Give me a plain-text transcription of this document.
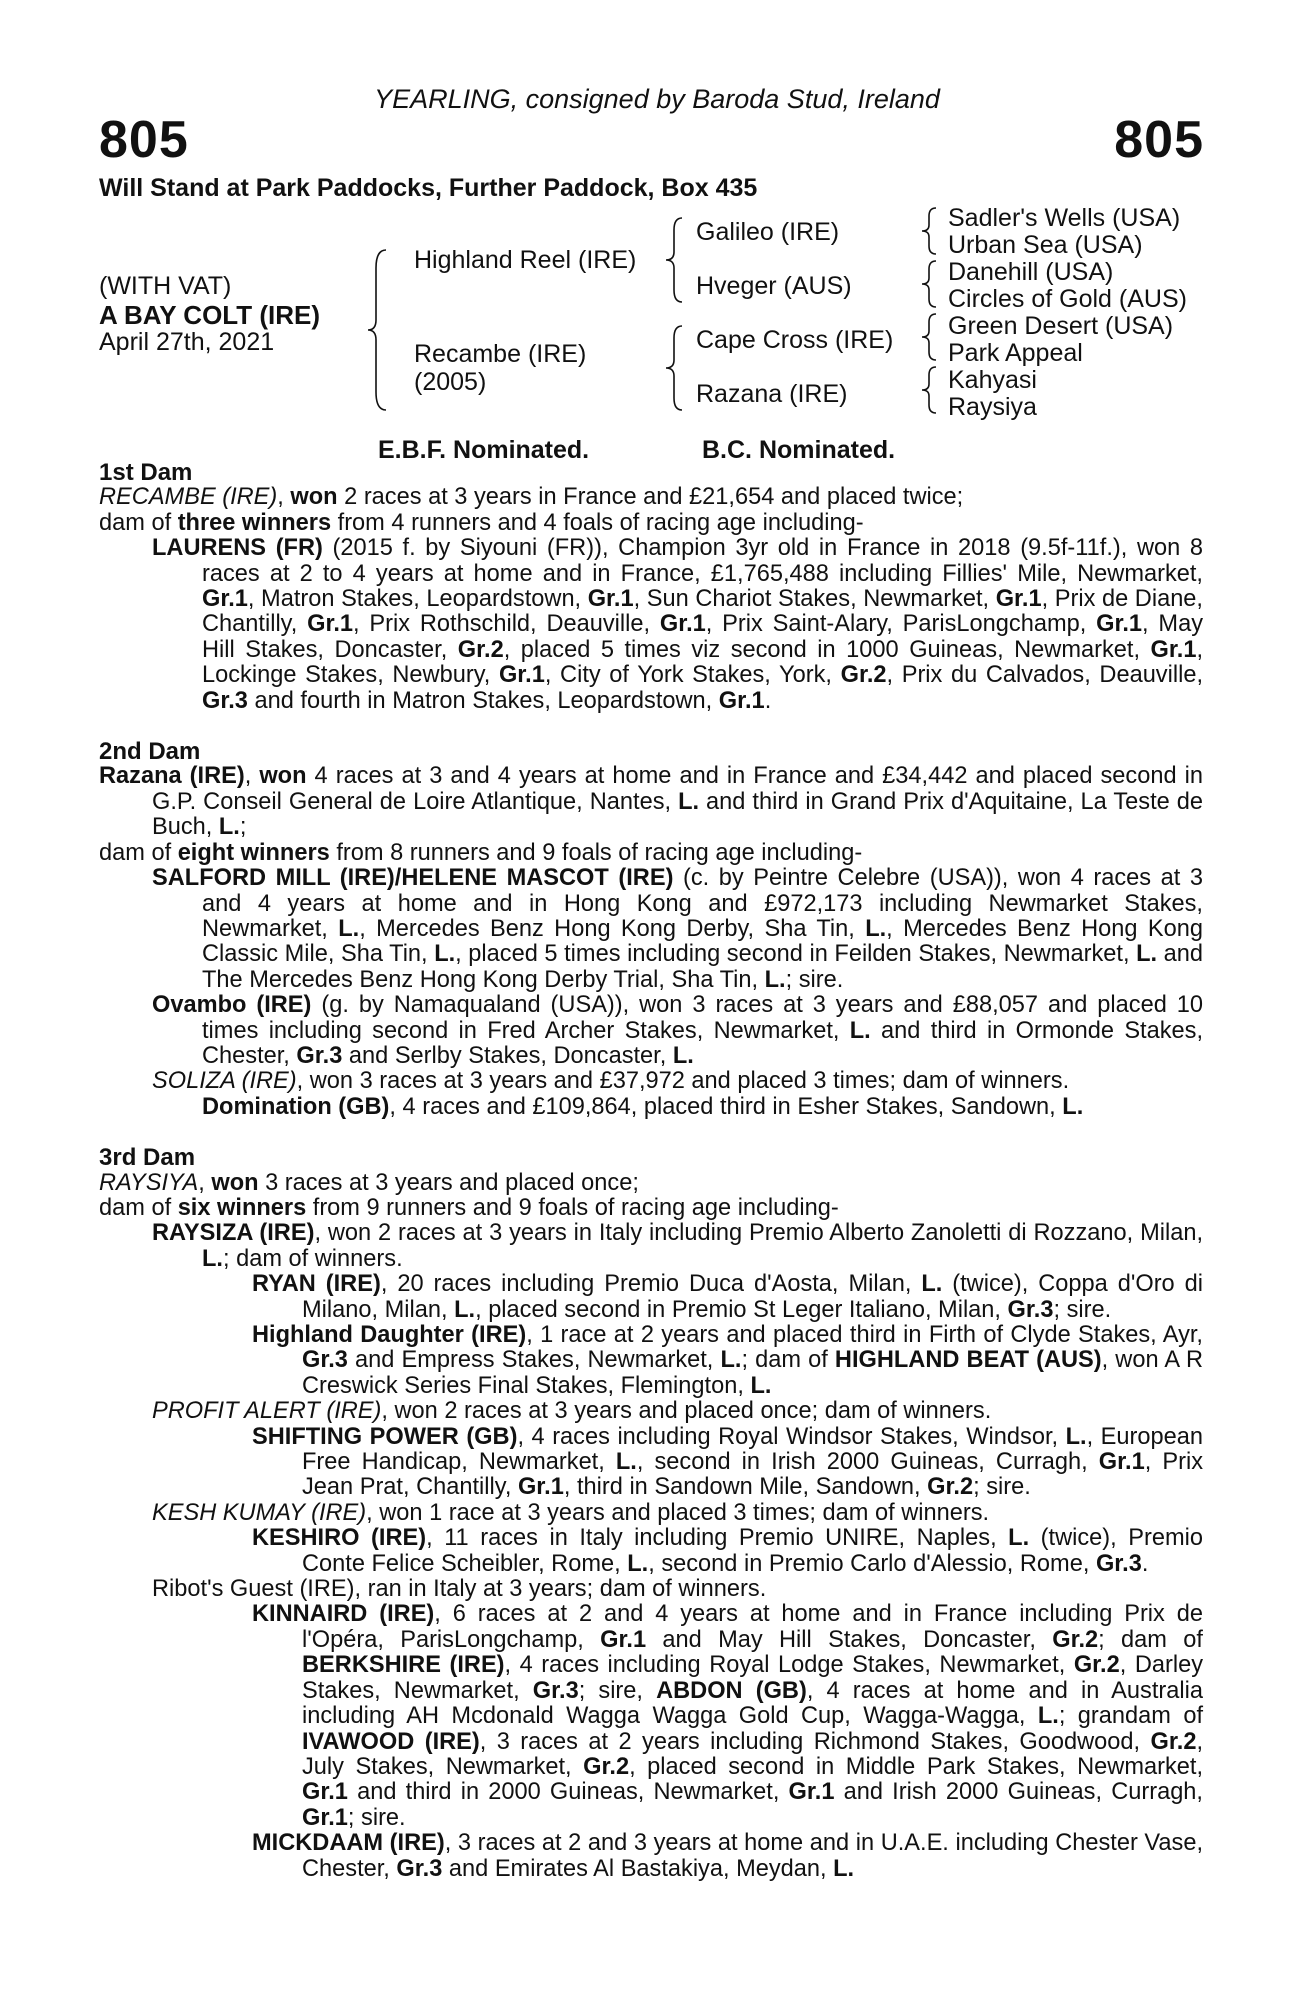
805	805
YEARLING, consigned by Baroda Stud, Ireland
Will Stand at Park Paddocks, Further Paddock, Box 435
(WITH VAT)
A BAY COLT (IRE)
April 27th, 2021
Highland Reel (IRE)
Recambe (IRE)
(2005)
Galileo (IRE)
Hveger (AUS)
Cape Cross (IRE)
Razana (IRE)
Sadler's Wells (USA)
Urban Sea (USA)
Danehill (USA)
Circles of Gold (AUS)
Green Desert (USA)
Park Appeal
Kahyasi
Raysiya
E.B.F. Nominated.	B.C. Nominated.
1st Dam

RECAMBE (IRE), won 2 races at 3 years in France and £21,654 and placed twice;

dam of three winners from 4 runners and 4 foals of racing age including-

LAURENS (FR) (2015 f. by Siyouni (FR)), Champion 3yr old in France in 2018 (9.5f-11f.), won 8 races at 2 to 4 years at home and in France, £1,765,488 including Fillies' Mile, Newmarket, Gr.1, Matron Stakes, Leopardstown, Gr.1, Sun Chariot Stakes, Newmarket, Gr.1, Prix de Diane, Chantilly, Gr.1, Prix Rothschild, Deauville, Gr.1, Prix Saint-Alary, ParisLongchamp, Gr.1, May Hill Stakes, Doncaster, Gr.2, placed 5 times viz second in 1000 Guineas, Newmarket, Gr.1, Lockinge Stakes, Newbury, Gr.1, City of York Stakes, York, Gr.2, Prix du Calvados, Deauville, Gr.3 and fourth in Matron Stakes, Leopardstown, Gr.1.

2nd Dam

Razana (IRE), won 4 races at 3 and 4 years at home and in France and £34,442 and placed second in G.P. Conseil General de Loire Atlantique, Nantes, L. and third in Grand Prix d'Aquitaine, La Teste de Buch, L.;

dam of eight winners from 8 runners and 9 foals of racing age including-

SALFORD MILL (IRE)/HELENE MASCOT (IRE) (c. by Peintre Celebre (USA)), won 4 races at 3 and 4 years at home and in Hong Kong and £972,173 including Newmarket Stakes, Newmarket, L., Mercedes Benz Hong Kong Derby, Sha Tin, L., Mercedes Benz Hong Kong Classic Mile, Sha Tin, L., placed 5 times including second in Feilden Stakes, Newmarket, L. and The Mercedes Benz Hong Kong Derby Trial, Sha Tin, L.; sire.

Ovambo (IRE) (g. by Namaqualand (USA)), won 3 races at 3 years and £88,057 and placed 10 times including second in Fred Archer Stakes, Newmarket, L. and third in Ormonde Stakes, Chester, Gr.3 and Serlby Stakes, Doncaster, L.

SOLIZA (IRE), won 3 races at 3 years and £37,972 and placed 3 times; dam of winners.

Domination (GB), 4 races and £109,864, placed third in Esher Stakes, Sandown, L.

3rd Dam

RAYSIYA, won 3 races at 3 years and placed once;

dam of six winners from 9 runners and 9 foals of racing age including-

RAYSIZA (IRE), won 2 races at 3 years in Italy including Premio Alberto Zanoletti di Rozzano, Milan, L.; dam of winners.

RYAN (IRE), 20 races including Premio Duca d'Aosta, Milan, L. (twice), Coppa d'Oro di Milano, Milan, L., placed second in Premio St Leger Italiano, Milan, Gr.3; sire.

Highland Daughter (IRE), 1 race at 2 years and placed third in Firth of Clyde Stakes, Ayr, Gr.3 and Empress Stakes, Newmarket, L.; dam of HIGHLAND BEAT (AUS), won A R Creswick Series Final Stakes, Flemington, L.

PROFIT ALERT (IRE), won 2 races at 3 years and placed once; dam of winners.

SHIFTING POWER (GB), 4 races including Royal Windsor Stakes, Windsor, L., European Free Handicap, Newmarket, L., second in Irish 2000 Guineas, Curragh, Gr.1, Prix Jean Prat, Chantilly, Gr.1, third in Sandown Mile, Sandown, Gr.2; sire.

KESH KUMAY (IRE), won 1 race at 3 years and placed 3 times; dam of winners.

KESHIRO (IRE), 11 races in Italy including Premio UNIRE, Naples, L. (twice), Premio Conte Felice Scheibler, Rome, L., second in Premio Carlo d'Alessio, Rome, Gr.3.

Ribot's Guest (IRE), ran in Italy at 3 years; dam of winners.

KINNAIRD (IRE), 6 races at 2 and 4 years at home and in France including Prix de l'Opéra, ParisLongchamp, Gr.1 and May Hill Stakes, Doncaster, Gr.2; dam of BERKSHIRE (IRE), 4 races including Royal Lodge Stakes, Newmarket, Gr.2, Darley Stakes, Newmarket, Gr.3; sire, ABDON (GB), 4 races at home and in Australia including AH Mcdonald Wagga Wagga Gold Cup, Wagga-Wagga, L.; grandam of IVAWOOD (IRE), 3 races at 2 years including Richmond Stakes, Goodwood, Gr.2, July Stakes, Newmarket, Gr.2, placed second in Middle Park Stakes, Newmarket, Gr.1 and third in 2000 Guineas, Newmarket, Gr.1 and Irish 2000 Guineas, Curragh, Gr.1; sire.

MICKDAAM (IRE), 3 races at 2 and 3 years at home and in U.A.E. including Chester Vase, Chester, Gr.3 and Emirates Al Bastakiya, Meydan, L.
